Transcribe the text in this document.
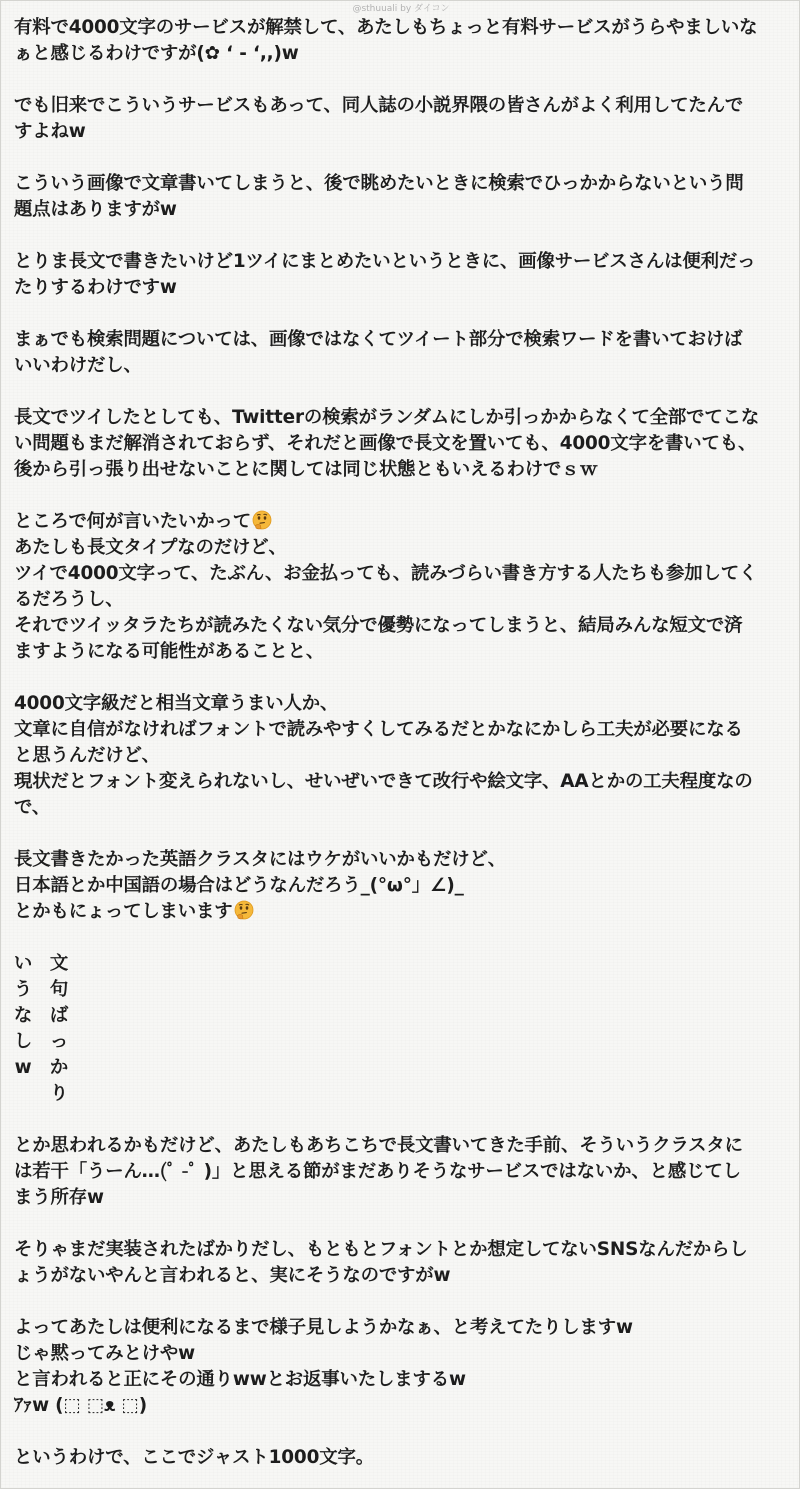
@sthuuali by ダイコン
有料で4000文字のサービスが解禁して、あたしもちょっと有料サービスがうらやましいな
ぁと感じるわけですが(✿ ‘ - ‘,,)w
でも旧来でこういうサービスもあって、同人誌の小説界隈の皆さんがよく利用してたんで
すよねw
こういう画像で文章書いてしまうと、後で眺めたいときに検索でひっかからないという問
題点はありますがw
とりま長文で書きたいけど1ツイにまとめたいというときに、画像サービスさんは便利だっ
たりするわけですw
まぁでも検索問題については、画像ではなくてツイート部分で検索ワードを書いておけば
いいわけだし、
長文でツイしたとしても、Twitterの検索がランダムにしか引っかからなくて全部でてこな
い問題もまだ解消されておらず、それだと画像で長文を置いても、4000文字を書いても、
後から引っ張り出せないことに関しては同じ状態ともいえるわけでｓｗ
ところで何が言いたいかって
あたしも長文タイプなのだけど、
ツイで4000文字って、たぶん、お金払っても、読みづらい書き方する人たちも参加してく
るだろうし、
それでツイッタラたちが読みたくない気分で優勢になってしまうと、結局みんな短文で済
ますようになる可能性があることと、
4000文字級だと相当文章うまい人か、
文章に自信がなければフォントで読みやすくしてみるだとかなにかしら工夫が必要になる
と思うんだけど、
現状だとフォント変えられないし、せいぜいできて改行や絵文字、AAとかの工夫程度なの
で、
長文書きたかった英語クラスタにはウケがいいかもだけど、
日本語とか中国語の場合はどうなんだろう_(°ω°」∠)_
とかもにょってしまいます
文
句
ば
っ
か
り
い
う
な
し
w
とか思われるかもだけど、あたしもあちこちで長文書いてきた手前、そういうクラスタに
は若干「うーん…(ﾟ -ﾟ )」と思える節がまだありそうなサービスではないか、と感じてし
まう所存w
そりゃまだ実装されたばかりだし、もともとフォントとか想定してないSNSなんだからし
ょうがないやんと言われると、実にそうなのですがw
よってあたしは便利になるまで様子見しようかなぁ、と考えてたりしますw
じゃ黙ってみとけやw
と言われると正にその通りwwとお返事いたしまするw
ｱｧw (⬚ ⬚ᴥ ⬚)
というわけで、ここでジャスト1000文字。
